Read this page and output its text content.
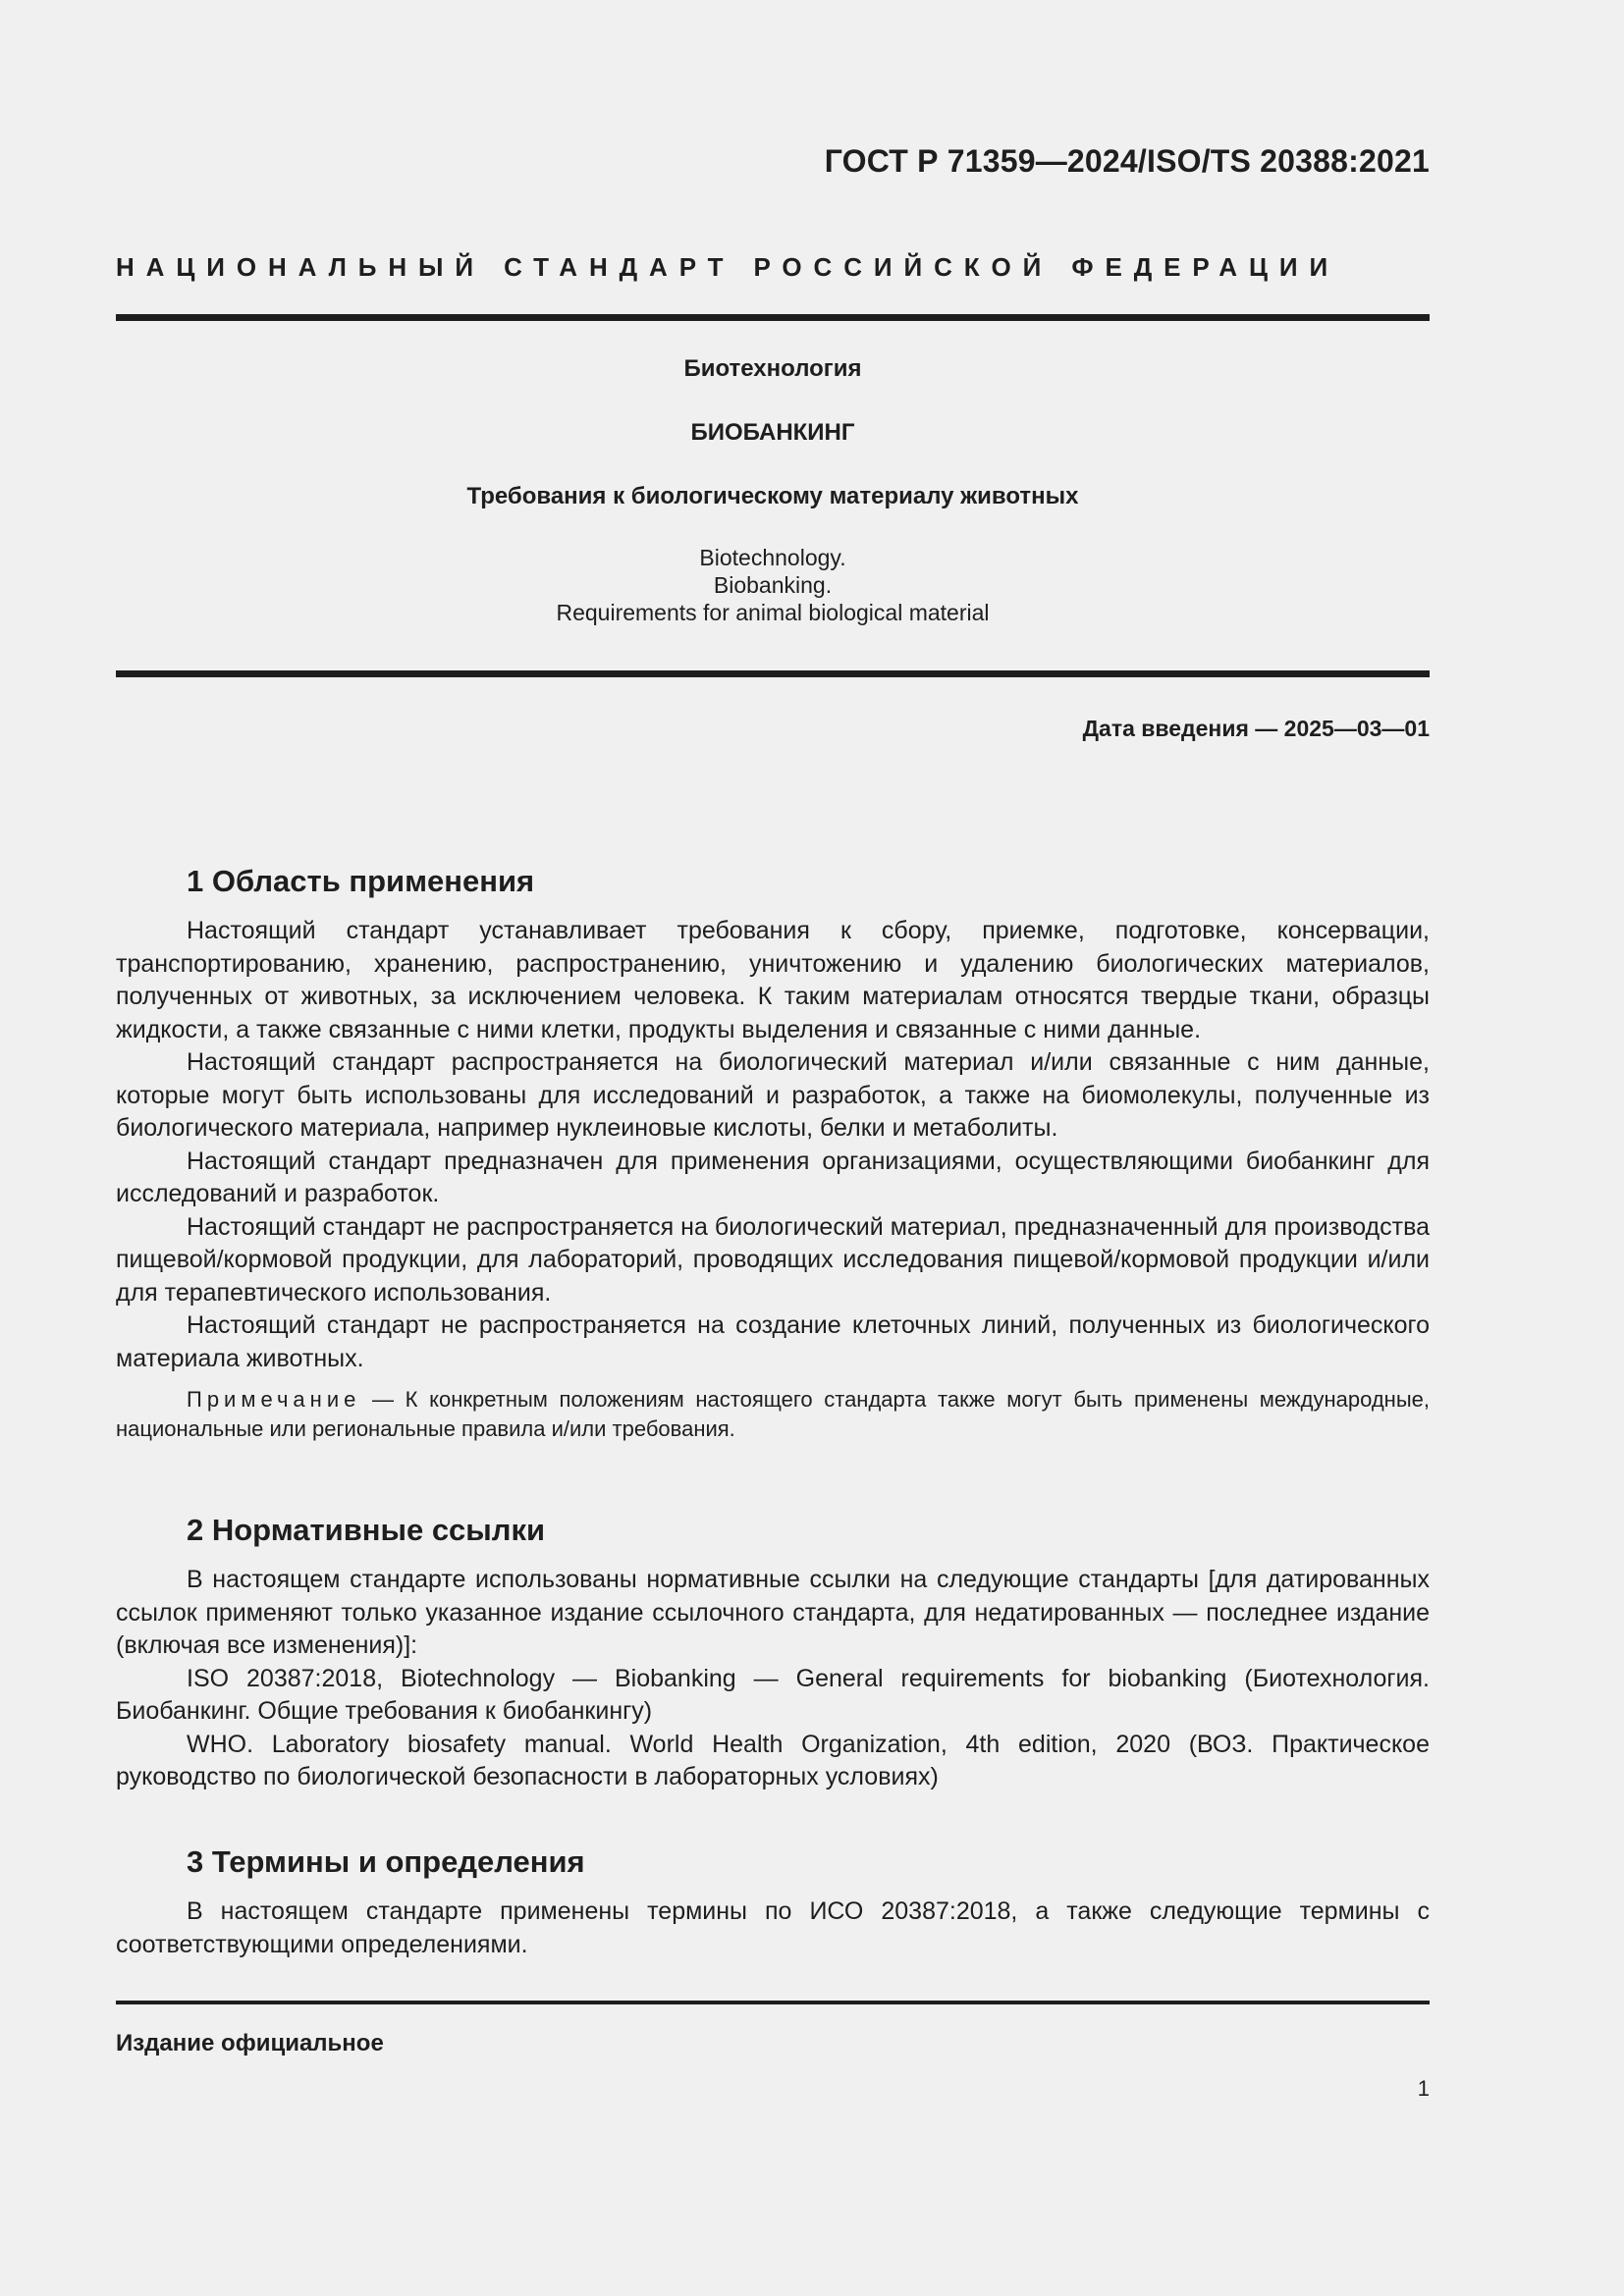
ГОСТ Р 71359—2024/ISO/TS 20388:2021
НАЦИОНАЛЬНЫЙ СТАНДАРТ РОССИЙСКОЙ ФЕДЕРАЦИИ
Биотехнология
БИОБАНКИНГ
Требования к биологическому материалу животных
Biotechnology.
Biobanking.
Requirements for animal biological material
Дата введения — 2025—03—01
1 Область применения

Настоящий стандарт устанавливает требования к сбору, приемке, подготовке, консервации, транспортированию, хранению, распространению, уничтожению и удалению биологических материалов, полученных от животных, за исключением человека. К таким материалам относятся твердые ткани, образцы жидкости, а также связанные с ними клетки, продукты выделения и связанные с ними данные.

Настоящий стандарт распространяется на биологический материал и/или связанные с ним данные, которые могут быть использованы для исследований и разработок, а также на биомолекулы, полученные из биологического материала, например нуклеиновые кислоты, белки и метаболиты.

Настоящий стандарт предназначен для применения организациями, осуществляющими биобанкинг для исследований и разработок.

Настоящий стандарт не распространяется на биологический материал, предназначенный для производства пищевой/кормовой продукции, для лабораторий, проводящих исследования пищевой/кормовой продукции и/или для терапевтического использования.

Настоящий стандарт не распространяется на создание клеточных линий, полученных из биологического материала животных.

Примечание — К конкретным положениям настоящего стандарта также могут быть применены международные, национальные или региональные правила и/или требования.

2 Нормативные ссылки

В настоящем стандарте использованы нормативные ссылки на следующие стандарты [для датированных ссылок применяют только указанное издание ссылочного стандарта, для недатированных — последнее издание (включая все изменения)]:

ISO 20387:2018, Biotechnology — Biobanking — General requirements for biobanking (Биотехнология. Биобанкинг. Общие требования к биобанкингу)

WHO. Laboratory biosafety manual. World Health Organization, 4th edition, 2020 (ВОЗ. Практическое руководство по биологической безопасности в лабораторных условиях)

3 Термины и определения

В настоящем стандарте применены термины по ИСО 20387:2018, а также следующие термины с соответствующими определениями.

Издание официальное
1
